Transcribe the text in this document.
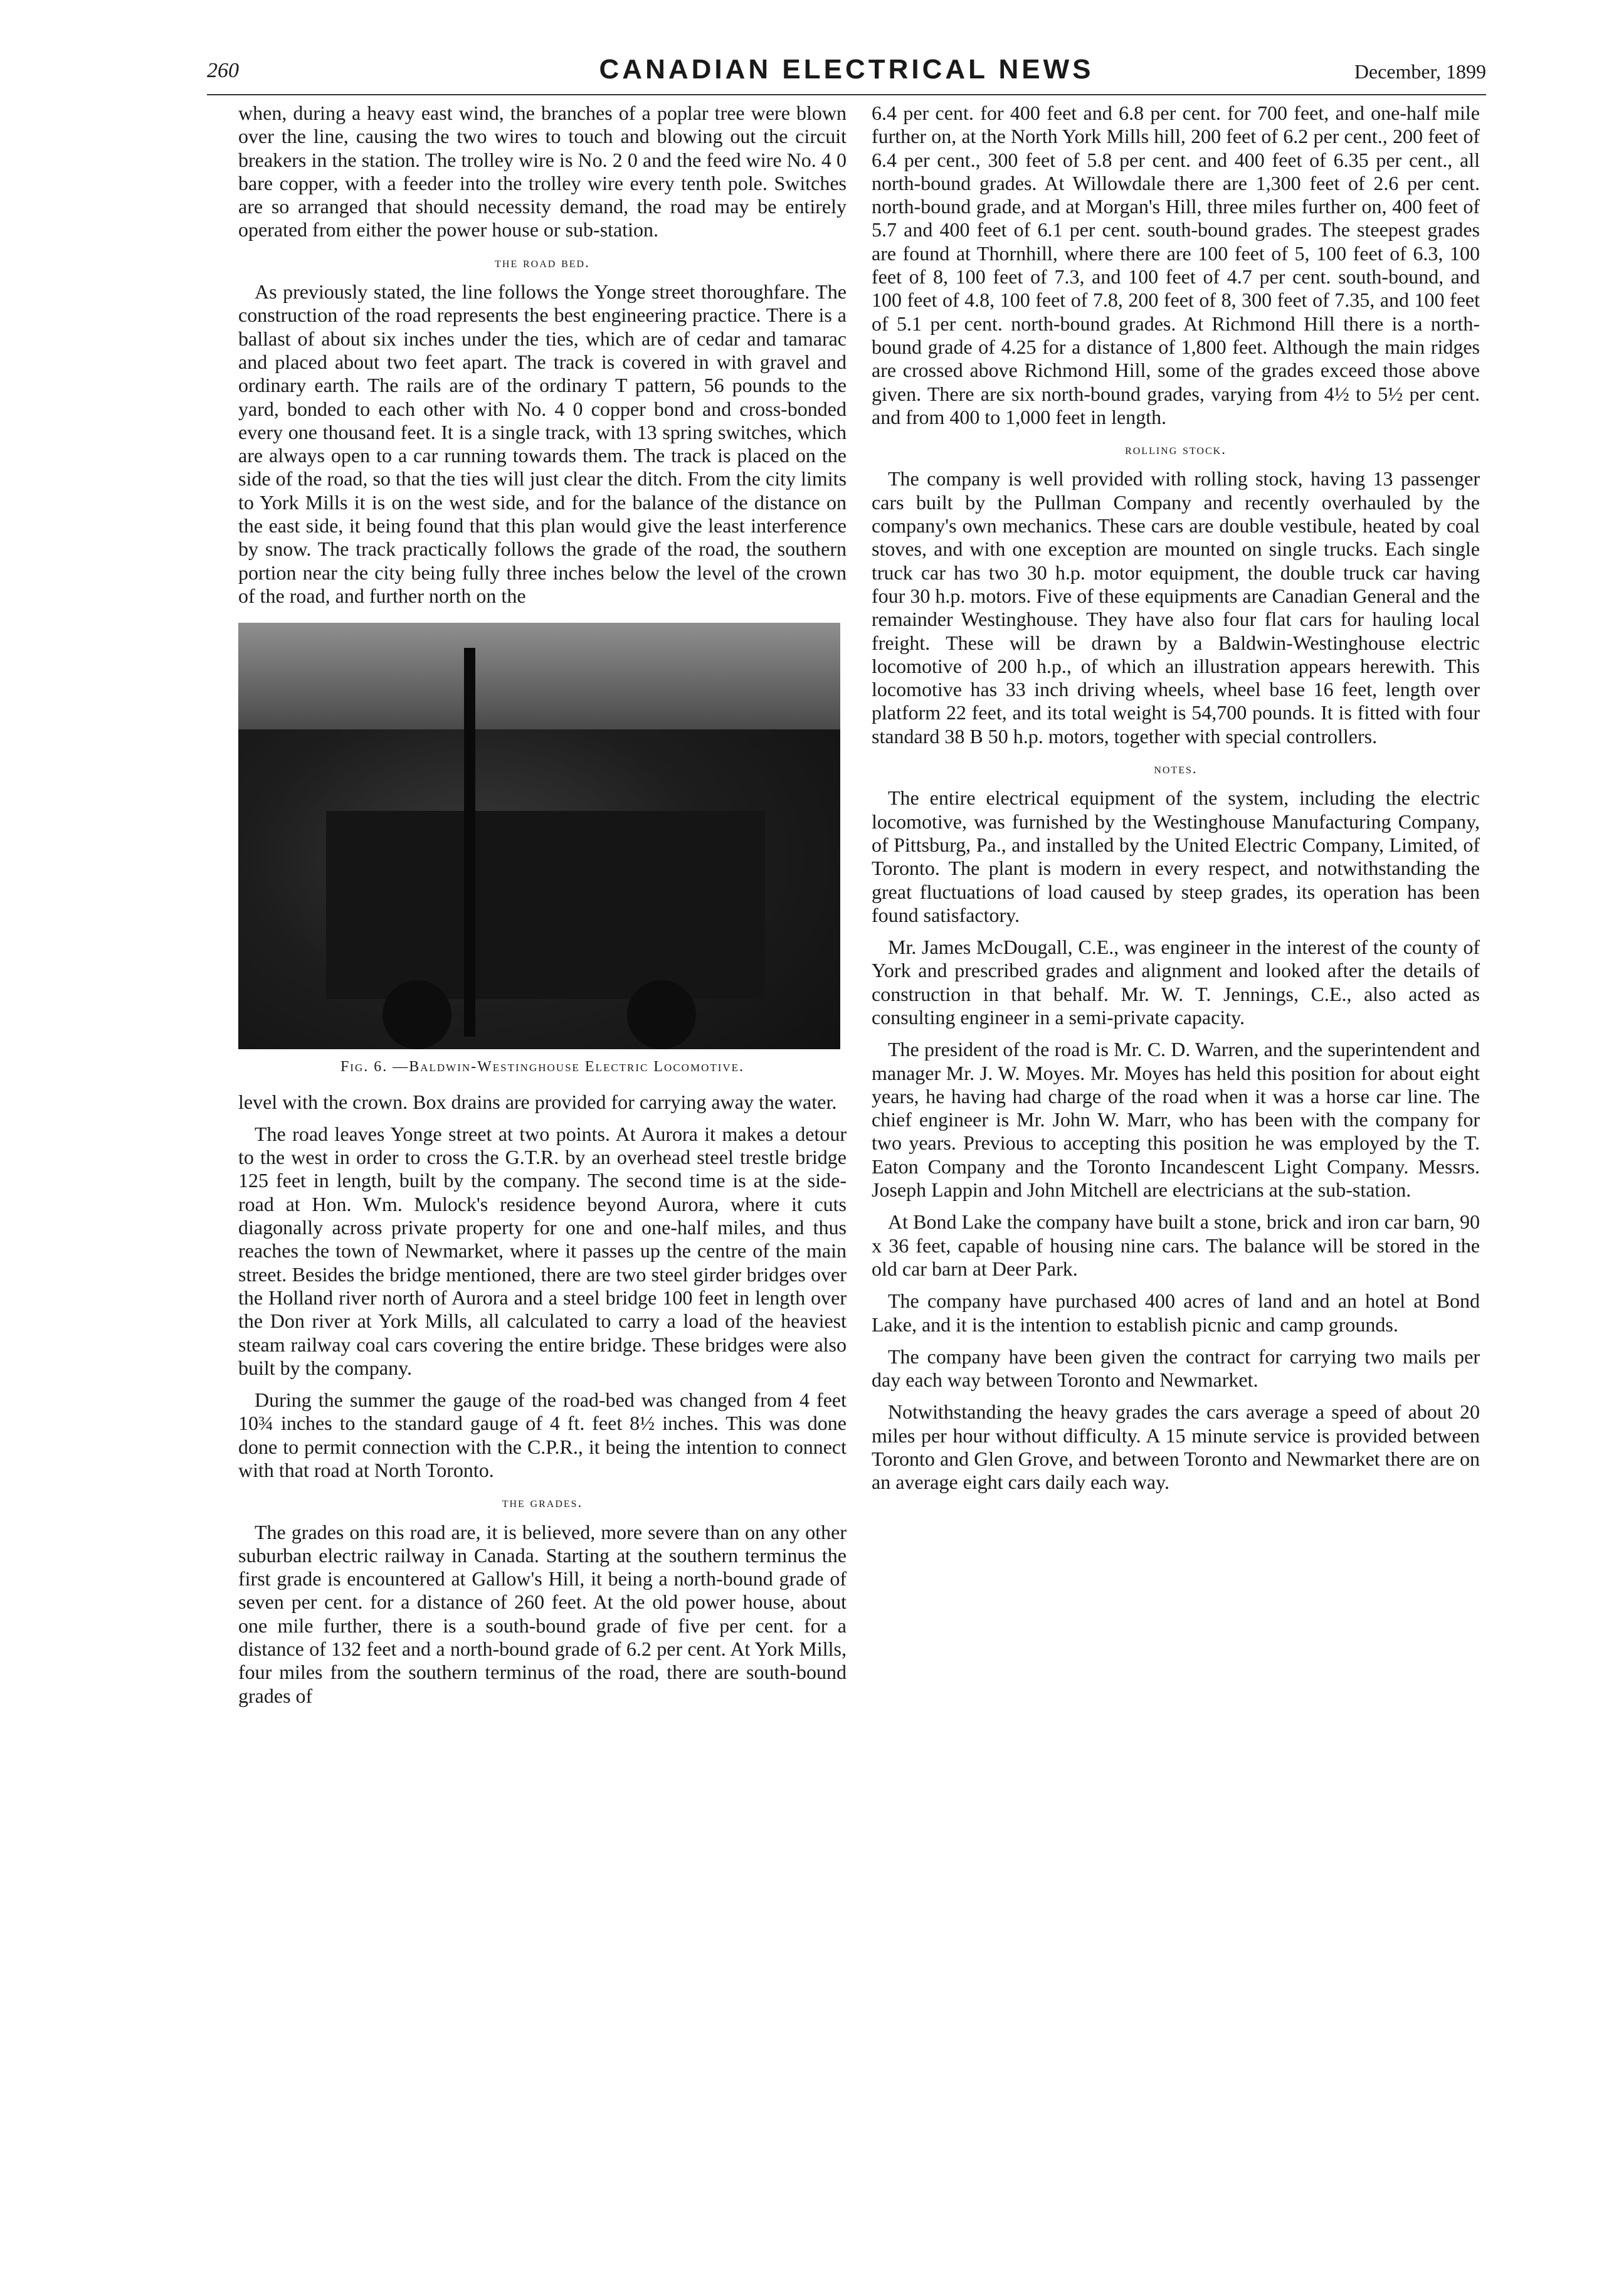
260	CANADIAN ELECTRICAL NEWS	December, 1899

when, during a heavy east wind, the branches of a poplar tree were blown over the line, causing the two wires to touch and blowing out the circuit breakers in the station. The trolley wire is No. 2 0 and the feed wire No. 4 0 bare copper, with a feeder into the trolley wire every tenth pole. Switches are so arranged that should necessity demand, the road may be entirely operated from either the power house or sub-station.

the road bed.

As previously stated, the line follows the Yonge street thoroughfare. The construction of the road represents the best engineering practice. There is a ballast of about six inches under the ties, which are of cedar and tamarac and placed about two feet apart. The track is covered in with gravel and ordinary earth. The rails are of the ordinary T pattern, 56 pounds to the yard, bonded to each other with No. 4 0 copper bond and cross-bonded every one thousand feet. It is a single track, with 13 spring switches, which are always open to a car running towards them. The track is placed on the side of the road, so that the ties will just clear the ditch. From the city limits to York Mills it is on the west side, and for the balance of the distance on the east side, it being found that this plan would give the least interference by snow. The track practically follows the grade of the road, the southern portion near the city being fully three inches below the level of the crown of the road, and further north on the

Fig. 6. —Baldwin-Westinghouse Electric Locomotive.

level with the crown. Box drains are provided for carrying away the water.

The road leaves Yonge street at two points. At Aurora it makes a detour to the west in order to cross the G.T.R. by an overhead steel trestle bridge 125 feet in length, built by the company. The second time is at the side-road at Hon. Wm. Mulock's residence beyond Aurora, where it cuts diagonally across private property for one and one-half miles, and thus reaches the town of Newmarket, where it passes up the centre of the main street. Besides the bridge mentioned, there are two steel girder bridges over the Holland river north of Aurora and a steel bridge 100 feet in length over the Don river at York Mills, all calculated to carry a load of the heaviest steam railway coal cars covering the entire bridge. These bridges were also built by the company.

During the summer the gauge of the road-bed was changed from 4 feet 10¾ inches to the standard gauge of 4 ft. feet 8½ inches. This was done done to permit connection with the C.P.R., it being the intention to connect with that road at North Toronto.

the grades.

The grades on this road are, it is believed, more severe than on any other suburban electric railway in Canada. Starting at the southern terminus the first grade is encountered at Gallow's Hill, it being a north-bound grade of seven per cent. for a distance of 260 feet. At the old power house, about one mile further, there is a south-bound grade of five per cent. for a distance of 132 feet and a north-bound grade of 6.2 per cent. At York Mills, four miles from the southern terminus of the road, there are south-bound grades of

6.4 per cent. for 400 feet and 6.8 per cent. for 700 feet, and one-half mile further on, at the North York Mills hill, 200 feet of 6.2 per cent., 200 feet of 6.4 per cent., 300 feet of 5.8 per cent. and 400 feet of 6.35 per cent., all north-bound grades. At Willowdale there are 1,300 feet of 2.6 per cent. north-bound grade, and at Morgan's Hill, three miles further on, 400 feet of 5.7 and 400 feet of 6.1 per cent. south-bound grades. The steepest grades are found at Thornhill, where there are 100 feet of 5, 100 feet of 6.3, 100 feet of 8, 100 feet of 7.3, and 100 feet of 4.7 per cent. south-bound, and 100 feet of 4.8, 100 feet of 7.8, 200 feet of 8, 300 feet of 7.35, and 100 feet of 5.1 per cent. north-bound grades. At Richmond Hill there is a north-bound grade of 4.25 for a distance of 1,800 feet. Although the main ridges are crossed above Richmond Hill, some of the grades exceed those above given. There are six north-bound grades, varying from 4½ to 5½ per cent. and from 400 to 1,000 feet in length.

rolling stock.

The company is well provided with rolling stock, having 13 passenger cars built by the Pullman Company and recently overhauled by the company's own mechanics. These cars are double vestibule, heated by coal stoves, and with one exception are mounted on single trucks. Each single truck car has two 30 h.p. motor equipment, the double truck car having four 30 h.p. motors. Five of these equipments are Canadian General and the remainder Westinghouse. They have also four flat cars for hauling local freight. These will be drawn by a Baldwin-Westinghouse electric locomotive of 200 h.p., of which an illustration appears herewith. This locomotive has 33 inch driving wheels, wheel base 16 feet, length over platform 22 feet, and its total weight is 54,700 pounds. It is fitted with four standard 38 B 50 h.p. motors, together with special controllers.

notes.

The entire electrical equipment of the system, including the electric locomotive, was furnished by the Westinghouse Manufacturing Company, of Pittsburg, Pa., and installed by the United Electric Company, Limited, of Toronto. The plant is modern in every respect, and notwithstanding the great fluctuations of load caused by steep grades, its operation has been found satisfactory.

Mr. James McDougall, C.E., was engineer in the interest of the county of York and prescribed grades and alignment and looked after the details of construction in that behalf. Mr. W. T. Jennings, C.E., also acted as consulting engineer in a semi-private capacity.

The president of the road is Mr. C. D. Warren, and the superintendent and manager Mr. J. W. Moyes. Mr. Moyes has held this position for about eight years, he having had charge of the road when it was a horse car line. The chief engineer is Mr. John W. Marr, who has been with the company for two years. Previous to accepting this position he was employed by the T. Eaton Company and the Toronto Incandescent Light Company. Messrs. Joseph Lappin and John Mitchell are electricians at the sub-station.

At Bond Lake the company have built a stone, brick and iron car barn, 90 x 36 feet, capable of housing nine cars. The balance will be stored in the old car barn at Deer Park.

The company have purchased 400 acres of land and an hotel at Bond Lake, and it is the intention to establish picnic and camp grounds.

The company have been given the contract for carrying two mails per day each way between Toronto and Newmarket.

Notwithstanding the heavy grades the cars average a speed of about 20 miles per hour without difficulty. A 15 minute service is provided between Toronto and Glen Grove, and between Toronto and Newmarket there are on an average eight cars daily each way.
